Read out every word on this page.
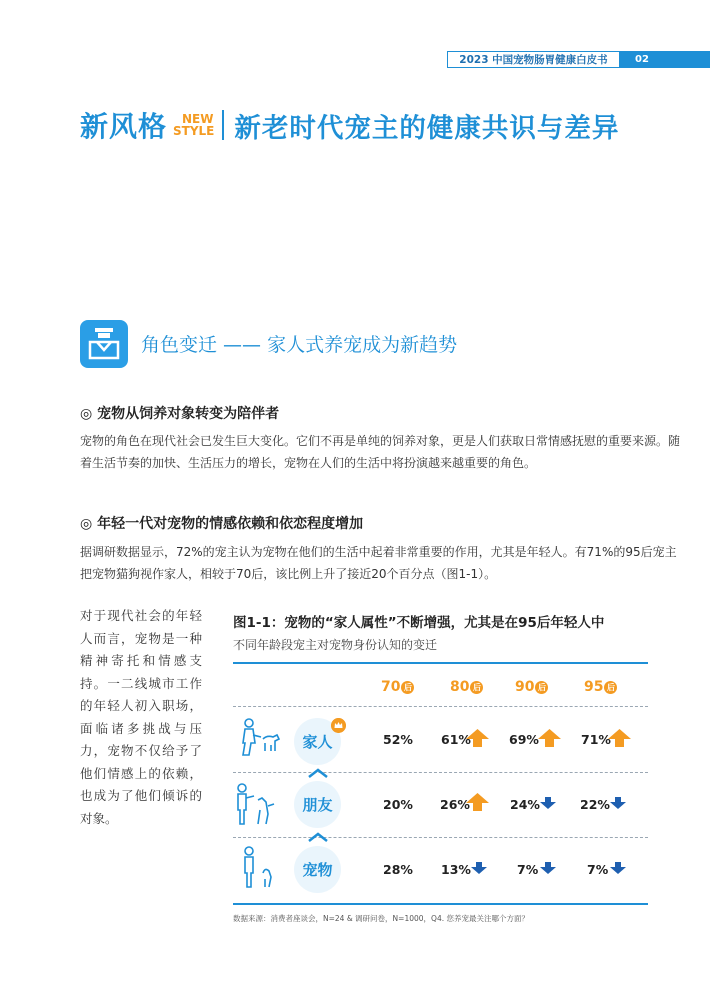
2023 中国宠物肠胃健康白皮书	02
新风格	NEW
STYLE 新老时代宠主的健康共识与差异
角色变迁 —— 家人式养宠成为新趋势
◎ 宠物从饲养对象转变为陪伴者
宠物的角色在现代社会已发生巨大变化。它们不再是单纯的饲养对象，更是人们获取日常情感抚慰的重要来源。随着生活节奏的加快、生活压力的增长，宠物在人们的生活中将扮演越来越重要的角色。
◎ 年轻一代对宠物的情感依赖和依恋程度增加
据调研数据显示，72%的宠主认为宠物在他们的生活中起着非常重要的作用，尤其是年轻人。有71%的95后宠主把宠物猫狗视作家人，相较于70后，该比例上升了接近20个百分点（图1-1）。
对于现代社会的年轻人而言，宠物是一种精神寄托和情感支持。一二线城市工作的年轻人初入职场，面临诸多挑战与压力，宠物不仅给予了他们情感上的依赖，也成为了他们倾诉的对象。
图1-1：宠物的“家人属性”不断增强，尤其是在95后年轻人中
不同年龄段宠主对宠物身份认知的变迁
70 后	80 后 90 后	95 后
家人
朋友
宠物
52% 61%	69%	71%
20% 26%	24%	22%
28% 13%	7%	7%
数据来源：消费者座谈会，N=24 & 调研问卷，N=1000，Q4. 您养宠最关注哪个方面？
